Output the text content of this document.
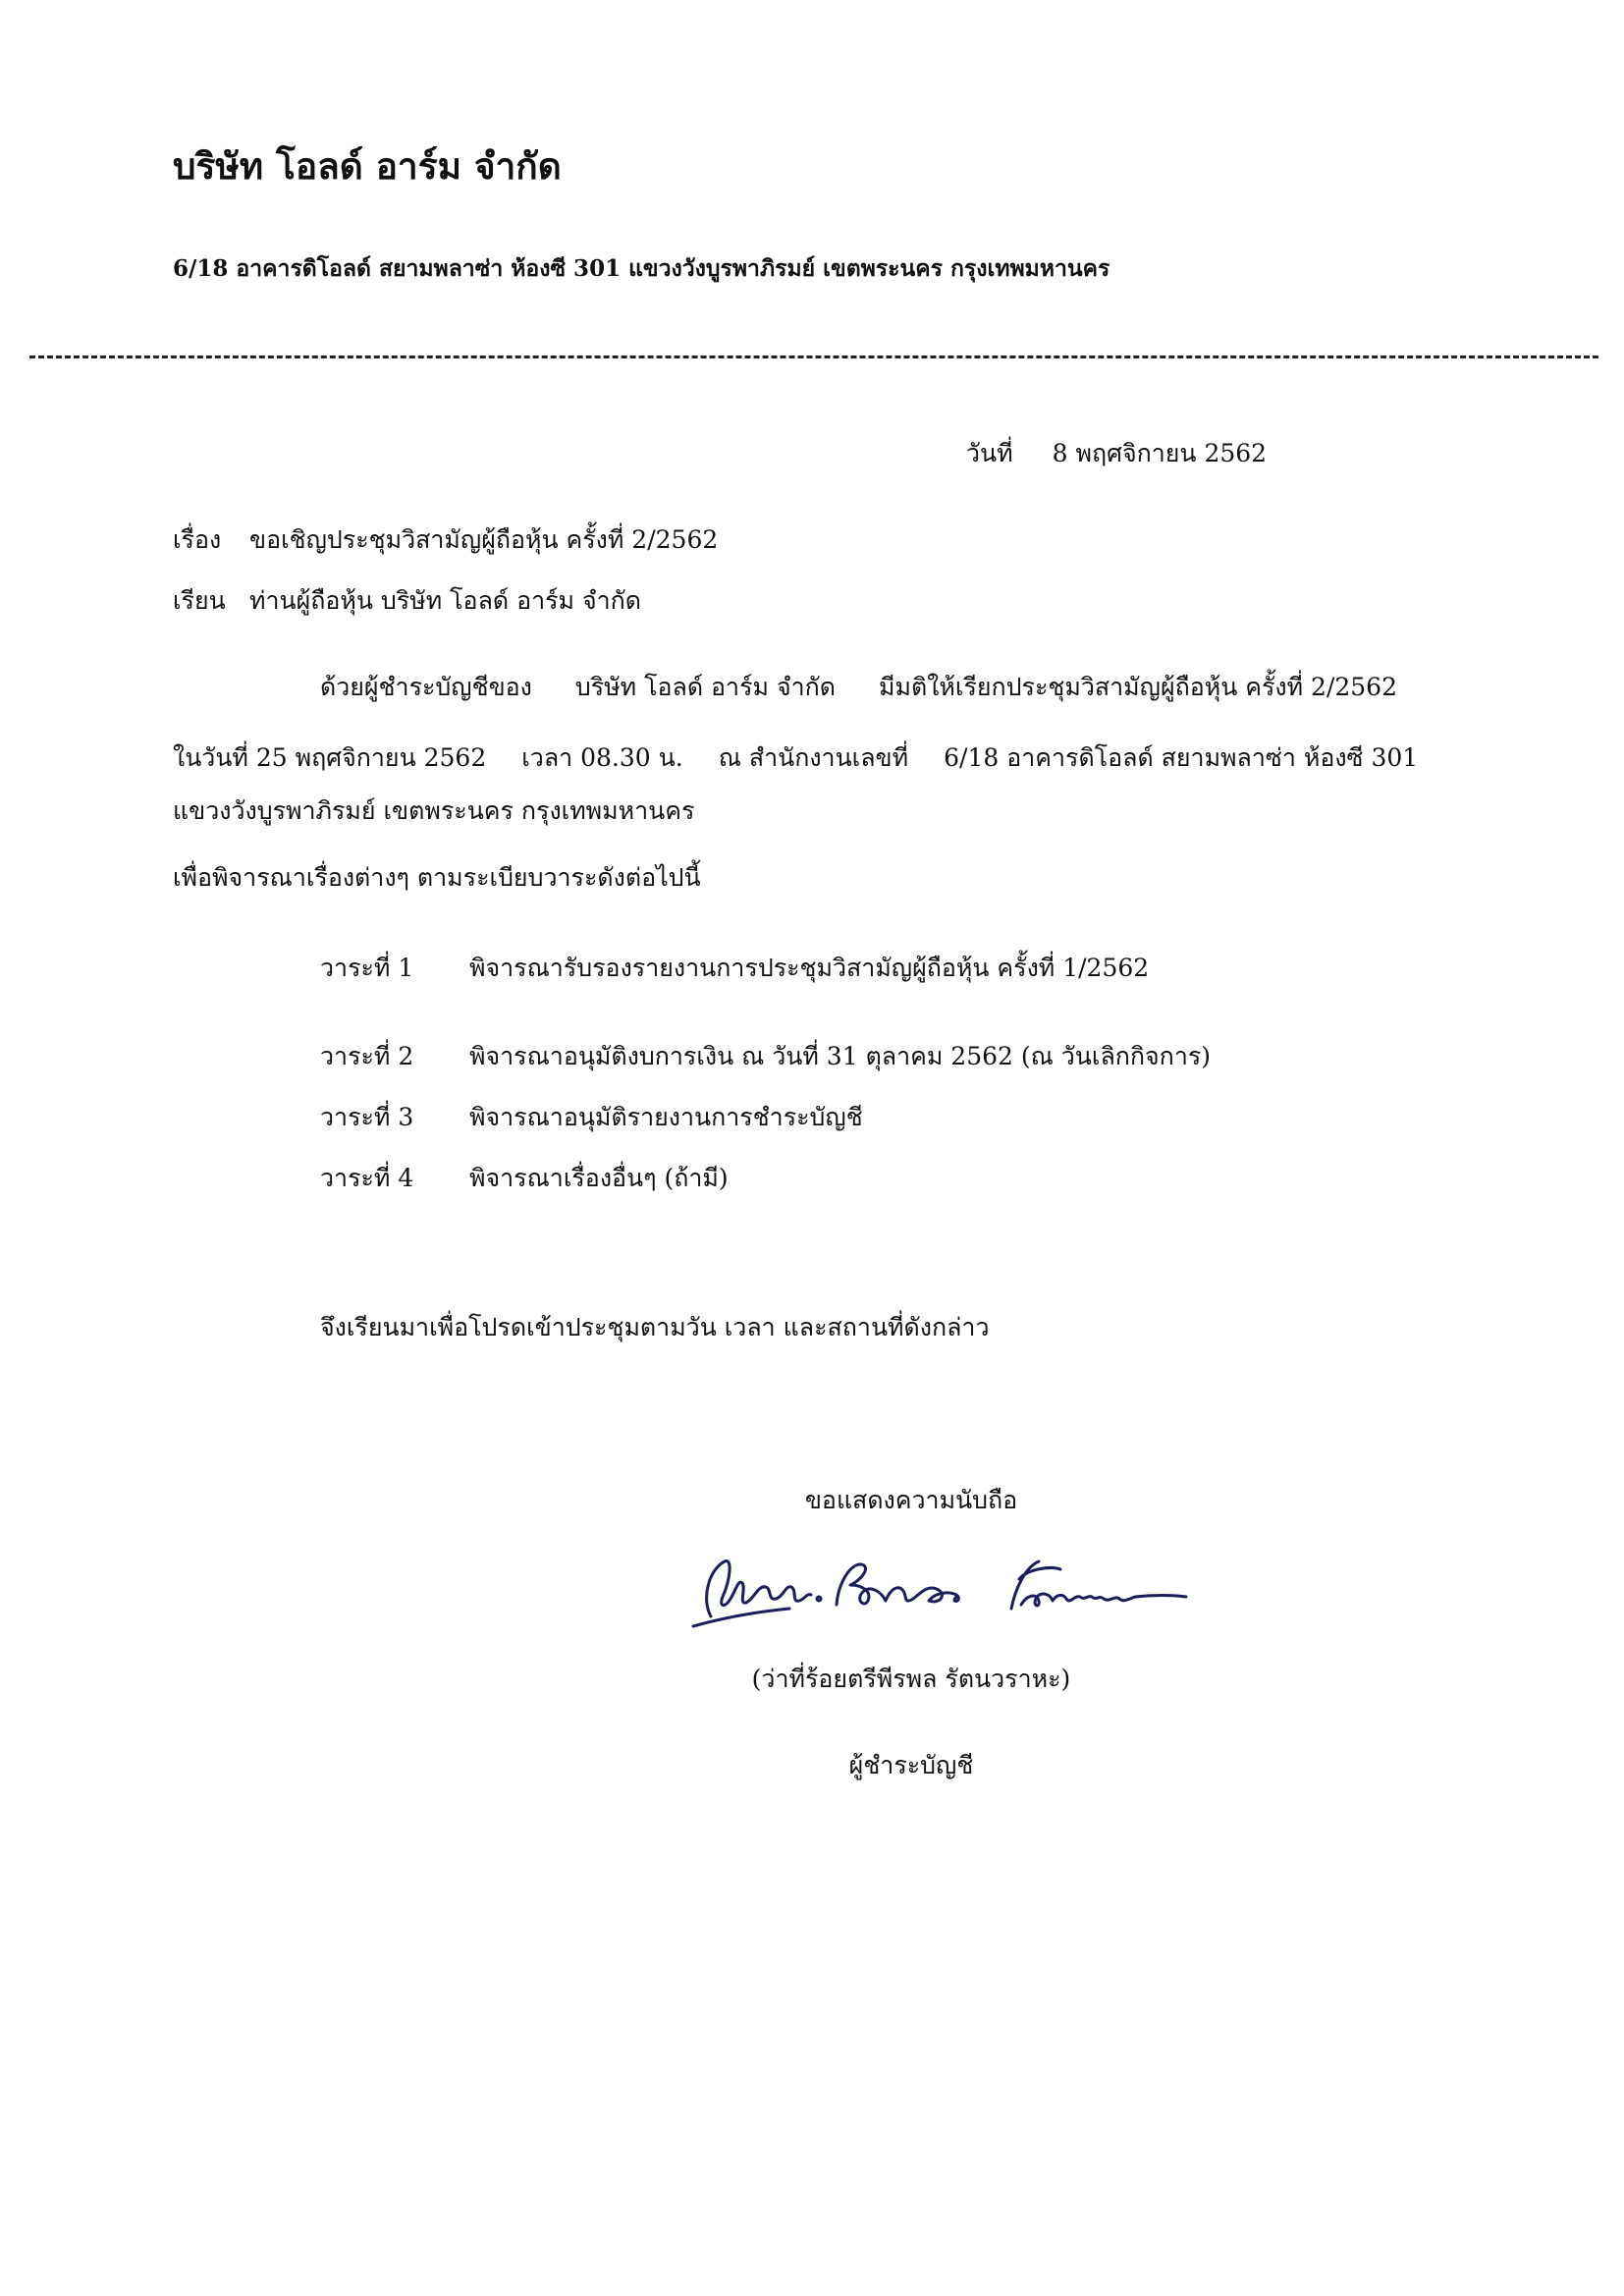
บริษัท โอลด์ อาร์ม จำกัด
6/18 อาคารดิโอลด์ สยามพลาซ่า ห้องซี 301 แขวงวังบูรพาภิรมย์ เขตพระนคร กรุงเทพมหานคร
วันที่ 8 พฤศจิกายน 2562
เรื่อง ขอเชิญประชุมวิสามัญผู้ถือหุ้น ครั้งที่ 2/2562
เรียน ท่านผู้ถือหุ้น บริษัท โอลด์ อาร์ม จำกัด
ด้วยผู้ชำระบัญชีของ บริษัท โอลด์ อาร์ม จำกัด มีมติให้เรียกประชุมวิสามัญผู้ถือหุ้น ครั้งที่ 2/2562
ในวันที่ 25 พฤศจิกายน 2562 เวลา 08.30 น. ณ สำนักงานเลขที่ 6/18 อาคารดิโอลด์ สยามพลาซ่า ห้องซี 301
แขวงวังบูรพาภิรมย์ เขตพระนคร กรุงเทพมหานคร
เพื่อพิจารณาเรื่องต่างๆ ตามระเบียบวาระดังต่อไปนี้
วาระที่ 1 พิจารณารับรองรายงานการประชุมวิสามัญผู้ถือหุ้น ครั้งที่ 1/2562
วาระที่ 2 พิจารณาอนุมัติงบการเงิน ณ วันที่ 31 ตุลาคม 2562 (ณ วันเลิกกิจการ)
วาระที่ 3 พิจารณาอนุมัติรายงานการชำระบัญชี
วาระที่ 4 พิจารณาเรื่องอื่นๆ (ถ้ามี)
จึงเรียนมาเพื่อโปรดเข้าประชุมตามวัน เวลา และสถานที่ดังกล่าว
ขอแสดงความนับถือ
(ว่าที่ร้อยตรีพีรพล รัตนวราหะ)
ผู้ชำระบัญชี
